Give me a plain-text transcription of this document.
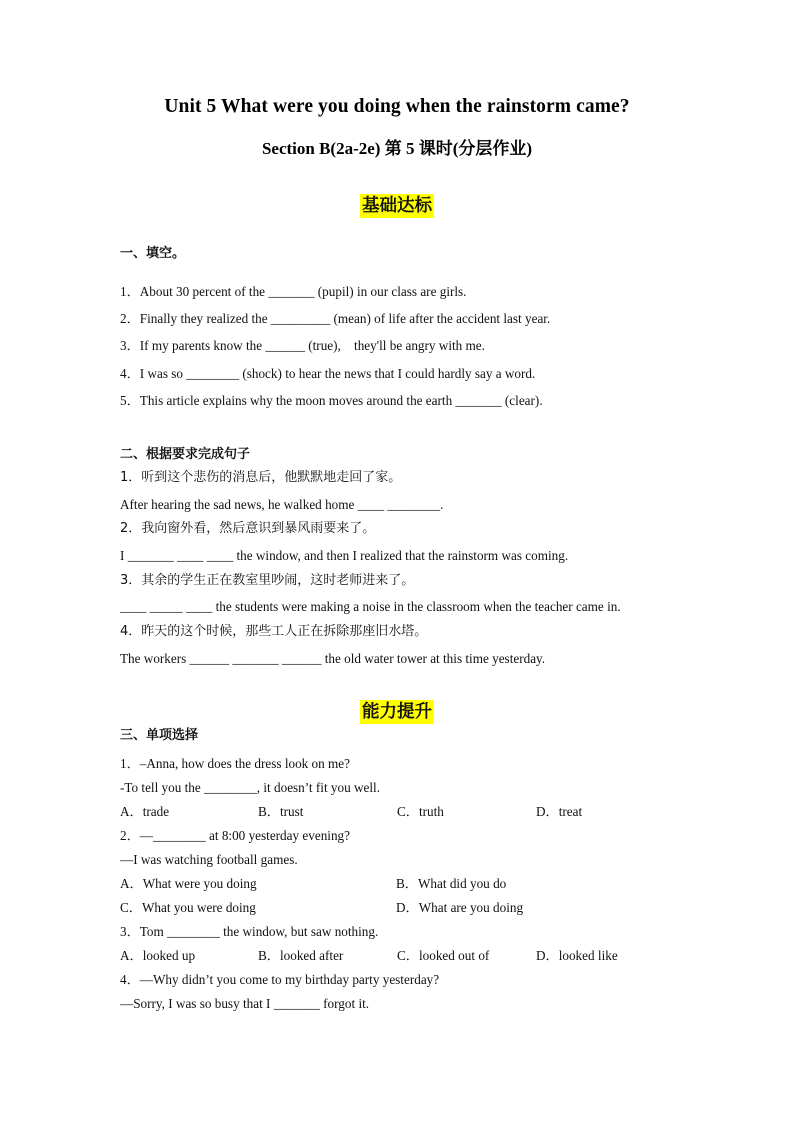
Unit 5 What were you doing when the rainstorm came?
Section B(2a-2e) 第 5 课时(分层作业)
基础达标
一、填空。
1．About 30 percent of the _______ (pupil) in our class are girls.
2．Finally they realized the _________ (mean) of life after the accident last year.
3．If my parents know the ______ (true),    they'll be angry with me.
4．I was so ________ (shock) to hear the news that I could hardly say a word.
5．This article explains why the moon moves around the earth _______ (clear).
二、根据要求完成句子
1．听到这个悲伤的消息后，他默默地走回了家。
After hearing the sad news, he walked home ____ ________.
2．我向窗外看，然后意识到暴风雨要来了。
I _______ ____ ____ the window, and then I realized that the rainstorm was coming.
3．其余的学生正在教室里吵闹，这时老师进来了。
____ _____ ____ the students were making a noise in the classroom when the teacher came in.
4．昨天的这个时候，那些工人正在拆除那座旧水塔。
The workers ______ _______ ______ the old water tower at this time yesterday.
能力提升
三、单项选择
1．–Anna, how does the dress look on me?
-To tell you the ________, it doesn’t fit you well.
A．trade	B．trust	C．truth	D．treat
2．—________ at 8:00 yesterday evening?
—I was watching football games.
A．What were you doing	B．What did you do
C．What you were doing	D．What are you doing
3．Tom ________ the window, but saw nothing.
A．looked up	B．looked after	C．looked out of	D．looked like
4．—Why didn’t you come to my birthday party yesterday?
—Sorry, I was so busy that I _______ forgot it.
